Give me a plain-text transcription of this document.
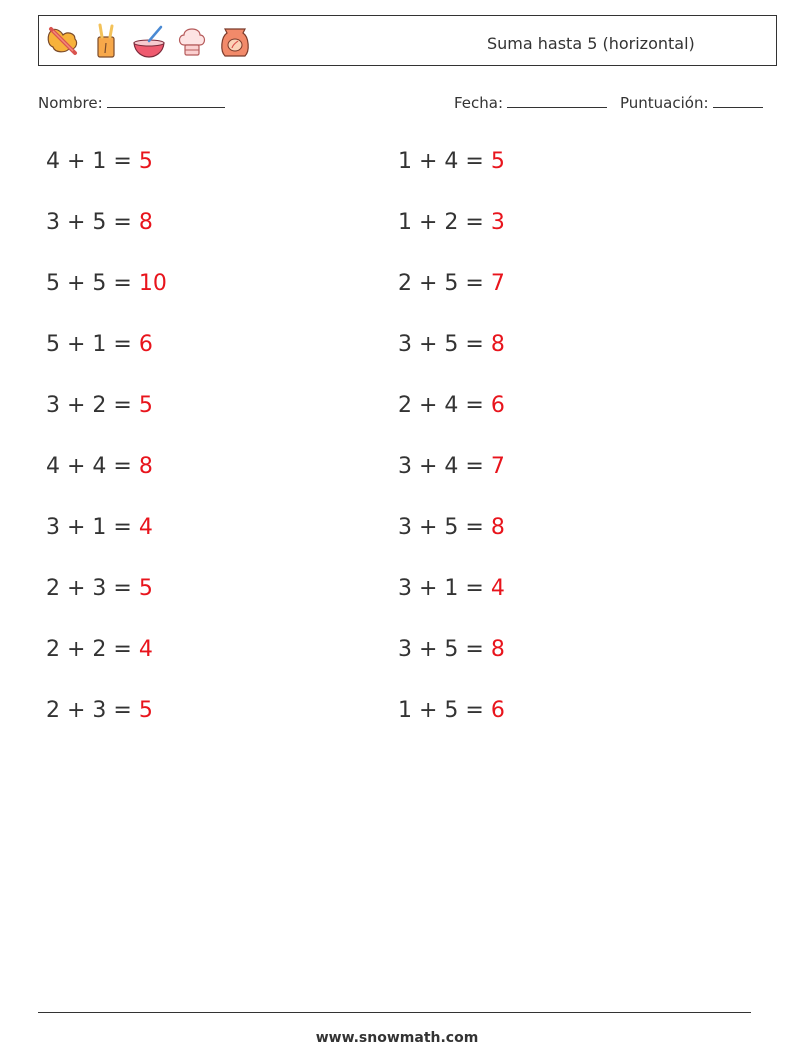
Suma hasta 5 (horizontal)
Nombre:	Fecha:	Puntuación:
4 + 1 = 5
3 + 5 = 8
5 + 5 = 10
5 + 1 = 6
3 + 2 = 5
4 + 4 = 8
3 + 1 = 4
2 + 3 = 5
2 + 2 = 4
2 + 3 = 5
1 + 4 = 5
1 + 2 = 3
2 + 5 = 7
3 + 5 = 8
2 + 4 = 6
3 + 4 = 7
3 + 5 = 8
3 + 1 = 4
3 + 5 = 8
1 + 5 = 6
www.snowmath.com
